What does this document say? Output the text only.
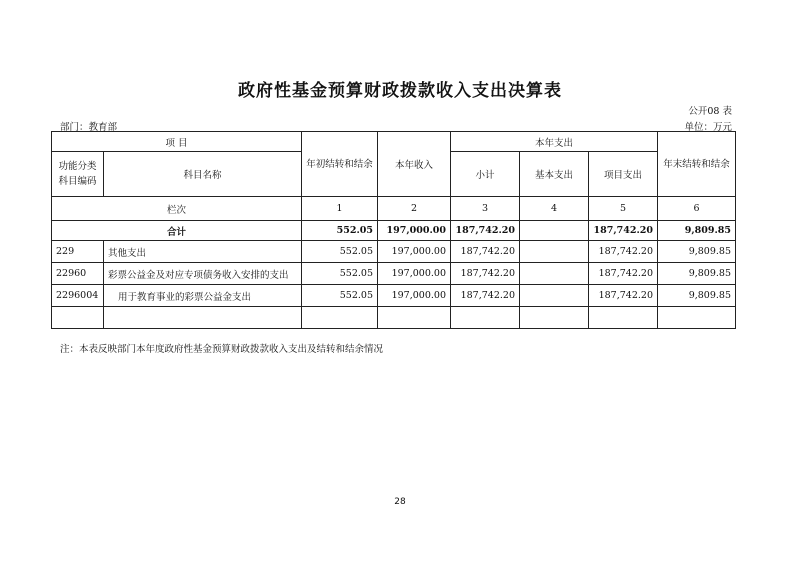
政府性基金预算财政拨款收入支出决算表
公开08 表
部门：教育部	单位：万元
项 目		年初结转和结余	本年收入	本年支出			年末结转和结余
功能分类科目编码	科目名称			小计	基本支出	项目支出	
栏次		1	2	3	4	5	6
合计		552.05	197,000.00	187,742.20		187,742.20	9,809.85
229	其他支出	552.05	197,000.00	187,742.20		187,742.20	9,809.85
22960	彩票公益金及对应专项债务收入安排的支出	552.05	197,000.00	187,742.20		187,742.20	9,809.85
2296004	用于教育事业的彩票公益金支出	552.05	197,000.00	187,742.20		187,742.20	9,809.85

注：本表反映部门本年度政府性基金预算财政拨款收入支出及结转和结余情况
28
